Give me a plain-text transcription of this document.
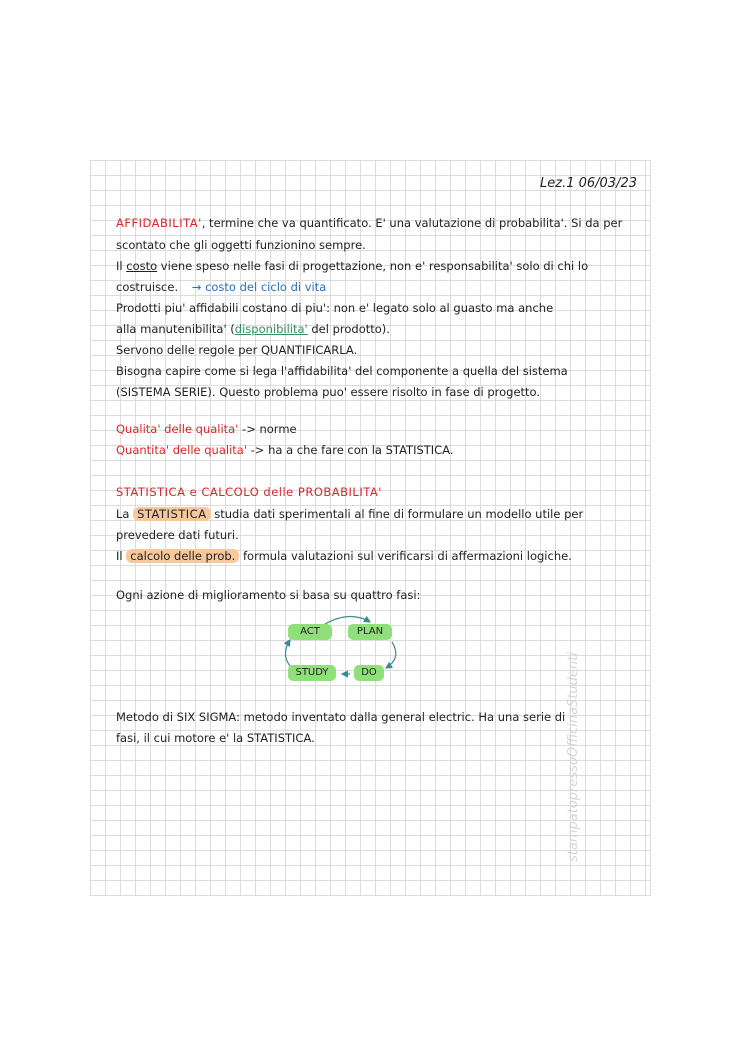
Lez.1 06/03/23
AFFIDABILITA', termine che va quantificato. E' una valutazione di probabilita'. Si da per
scontato che gli oggetti funzionino sempre.
Il costo viene speso nelle fasi di progettazione, non e' responsabilita' solo di chi lo
costruisce. → costo del ciclo di vita
Prodotti piu' affidabili costano di piu': non e' legato solo al guasto ma anche
alla manutenibilita' (disponibilita' del prodotto).
Servono delle regole per QUANTIFICARLA.
Bisogna capire come si lega l'affidabilita' del componente a quella del sistema
(SISTEMA SERIE). Questo problema puo' essere risolto in fase di progetto.
Qualita' delle qualita' -> norme
Quantita' delle qualita' -> ha a che fare con la STATISTICA.
STATISTICA e CALCOLO delle PROBABILITA'
La STATISTICA studia dati sperimentali al fine di formulare un modello utile per
prevedere dati futuri.
Il calcolo delle prob. formula valutazioni sul verificarsi di affermazioni logiche.
Ogni azione di miglioramento si basa su quattro fasi:
ACT	PLAN
STUDY	DO
Metodo di SIX SIGMA: metodo inventato dalla general electric. Ha una serie di
fasi, il cui motore e' la STATISTICA.	stampatopressoOfficinaStudenti
